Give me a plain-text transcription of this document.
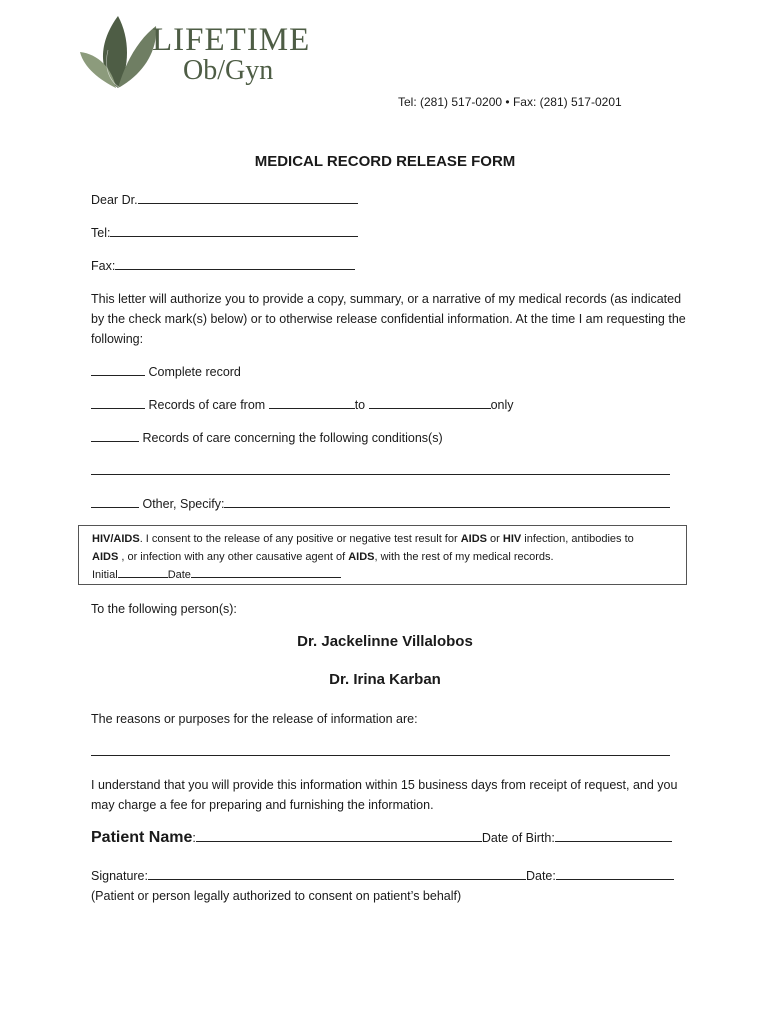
LIFETIME
Ob/Gyn
Tel: (281) 517-0200 • Fax: (281) 517-0201
MEDICAL RECORD RELEASE FORM
Dear Dr.
Tel:
Fax:
This letter will authorize you to provide a copy, summary, or a narrative of my medical records (as indicated by the check mark(s) below) or to otherwise release confidential information. At the time I am requesting the following:
Complete record
Records of care from	to	only
Records of care concerning the following conditions(s)
Other, Specify:
HIV/AIDS. I consent to the release of any positive or negative test result for AIDS or HIV infection, antibodies to
AIDS , or infection with any other causative agent of AIDS, with the rest of my medical records.
Initial	Date
To the following person(s):
Dr. Jackelinne Villalobos
Dr. Irina Karban
The reasons or purposes for the release of information are:
I understand that you will provide this information within 15 business days from receipt of request, and you may charge a fee for preparing and furnishing the information.
Patient Name:	Date of Birth:
Signature:	Date:
(Patient or person legally authorized to consent on patient’s behalf)
